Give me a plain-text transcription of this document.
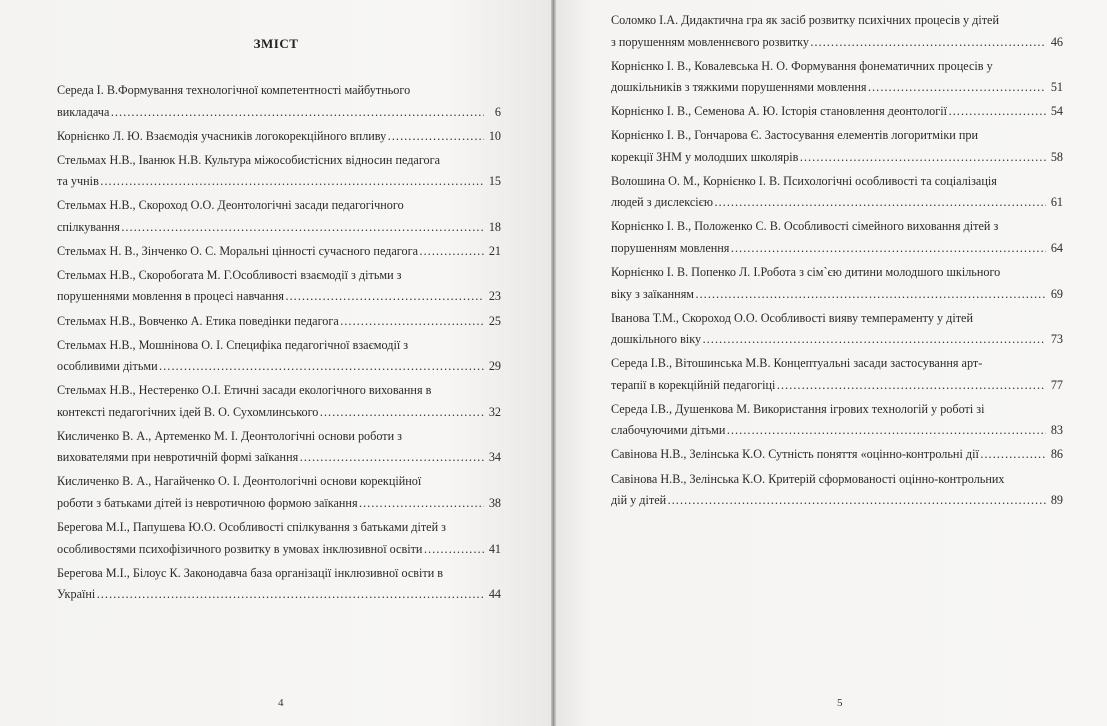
ЗМІСТ
Середа І. В.Формування технологічної компетентності майбутнього
викладача ……………………………………………………………………………………………………………………………………………………	6
Корнієнко Л. Ю. Взаємодія учасників логокорекційного впливу ……………………………………………………………………………………………………………………………………………………	10
Стельмах Н.В., Іванюк Н.В. Культура міжособистісних відносин педагога
та учнів ……………………………………………………………………………………………………………………………………………………	15
Стельмах Н.В., Скороход О.О. Деонтологічні засади педагогічного
спілкування ……………………………………………………………………………………………………………………………………………………	18
Стельмах Н. В., Зінченко О. С. Моральні цінності сучасного педагога ……………………………………………………………………………………………………………………………………………………	21
Стельмах Н.В., Скоробогата М. Г.Особливості взаємодії з дітьми з
порушеннями мовлення в процесі навчання ……………………………………………………………………………………………………………………………………………………	23
Стельмах Н.В., Вовченко А. Етика поведінки педагога ……………………………………………………………………………………………………………………………………………………	25
Стельмах Н.В., Мошнінова О. І. Специфіка педагогічної взаємодії з
особливими дітьми ……………………………………………………………………………………………………………………………………………………	29
Стельмах Н.В., Нестеренко О.І. Етичні засади екологічного виховання в
контексті педагогічних ідей В. О. Сухомлинського ……………………………………………………………………………………………………………………………………………………	32
Кисличенко В. А., Артеменко М. І. Деонтологічні основи роботи з
вихователями при невротичній формі заїкання ……………………………………………………………………………………………………………………………………………………	34
Кисличенко В. А., Нагайченко О. І. Деонтологічні основи корекційної
роботи з батьками дітей із невротичною формою заїкання ……………………………………………………………………………………………………………………………………………………	38
Берегова М.І., Папушева Ю.О. Особливості спілкування з батьками дітей з
особливостями психофізичного розвитку в умовах інклюзивної освіти ……………………………………………………………………………………………………………………………………………………	41
Берегова М.І., Білоус К. Законодавча база організації інклюзивної освіти в
Україні ……………………………………………………………………………………………………………………………………………………	44
Соломко І.А. Дидактична гра як засіб розвитку психічних процесів у дітей
з порушенням мовленнєвого розвитку ……………………………………………………………………………………………………………………………………………………	46
Корнієнко І. В., Ковалевська Н. О. Формування фонематичних процесів у
дошкільників з тяжкими порушеннями мовлення ……………………………………………………………………………………………………………………………………………………	51
Корнієнко І. В., Семенова А. Ю. Історія становлення деонтології ……………………………………………………………………………………………………………………………………………………	54
Корнієнко І. В., Гончарова Є. Застосування елементів логоритміки при
корекції ЗНМ у молодших школярів ……………………………………………………………………………………………………………………………………………………	58
Волошина О. М., Корнієнко І. В. Психологічні особливості та соціалізація
людей з дислексією ……………………………………………………………………………………………………………………………………………………	61
Корнієнко І. В., Положенко С. В. Особливості сімейного виховання дітей з
порушенням мовлення ……………………………………………………………………………………………………………………………………………………	64
Корнієнко І. В. Попенко Л. І.Робота з сім`єю дитини молодшого шкільного
віку з заїканням ……………………………………………………………………………………………………………………………………………………	69
Іванова Т.М., Скороход О.О. Особливості вияву темпераменту у дітей
дошкільного віку ……………………………………………………………………………………………………………………………………………………	73
Середа І.В., Вітошинська М.В. Концептуальні засади застосування арт-
терапії в корекційній педагогіці ……………………………………………………………………………………………………………………………………………………	77
Середа І.В., Душенкова М. Використання ігрових технологій у роботі зі
слабочуючими дітьми ……………………………………………………………………………………………………………………………………………………	83
Савінова Н.В., Зелінська К.О. Сутність поняття «оцінно-контрольні дії ……………………………………………………………………………………………………………………………………………………	86
Савінова Н.В., Зелінська К.О. Критерій сформованості оцінно-контрольних
дій у дітей ……………………………………………………………………………………………………………………………………………………	89
4	5
